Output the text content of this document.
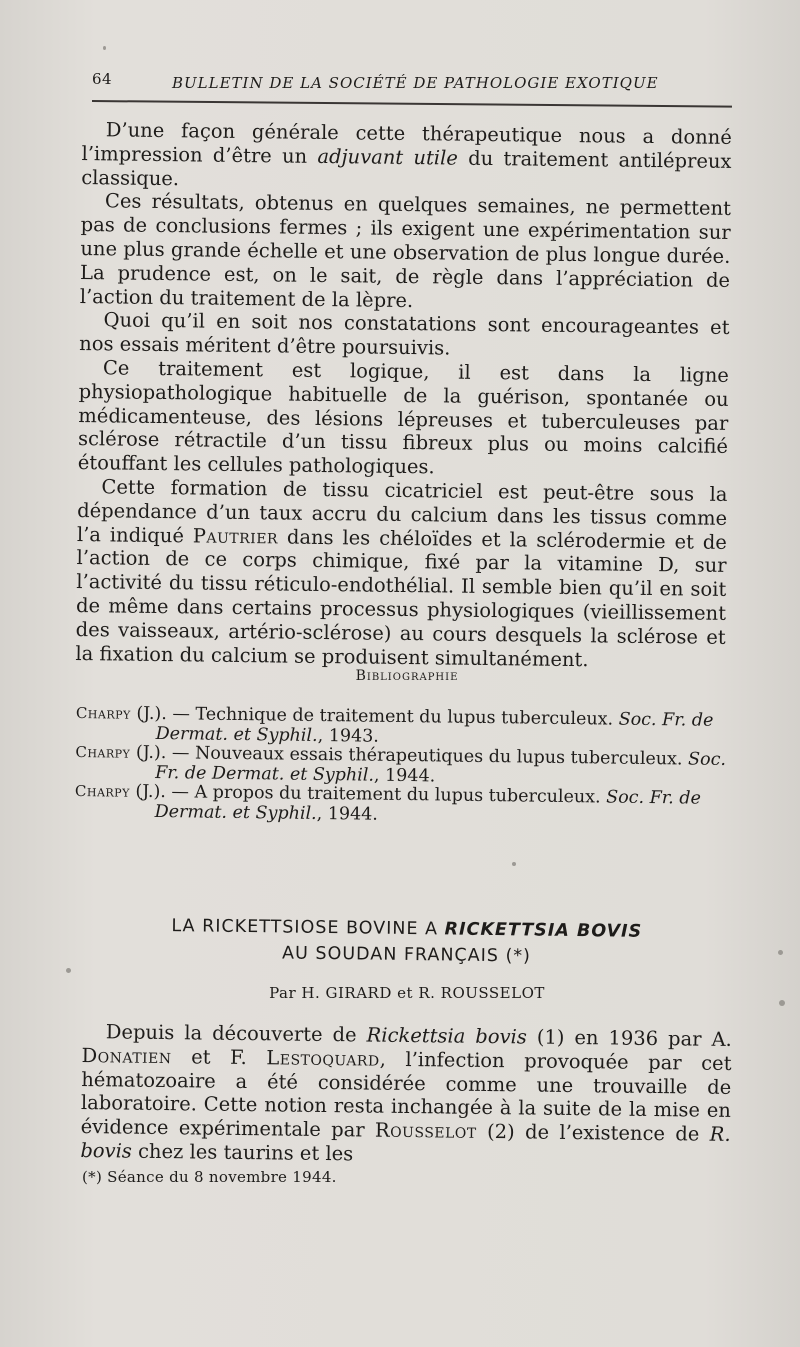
64	BULLETIN DE LA SOCIÉTÉ DE PATHOLOGIE EXOTIQUE

D’une façon générale cette thérapeutique nous a donné l’impression d’être un adjuvant utile du traitement antilépreux classique.

Ces résultats, obtenus en quelques semaines, ne permettent pas de conclusions fermes ; ils exigent une expérimentation sur une plus grande échelle et une observation de plus longue durée. La prudence est, on le sait, de règle dans l’appréciation de l’action du traitement de la lèpre.

Quoi qu’il en soit nos constatations sont encourageantes et nos essais méritent d’être poursuivis.

Ce traitement est logique, il est dans la ligne physiopathologique habituelle de la guérison, spontanée ou médicamenteuse, des lésions lépreuses et tuberculeuses par sclérose rétractile d’un tissu fibreux plus ou moins calcifié étouffant les cellules pathologiques.

Cette formation de tissu cicatriciel est peut-être sous la dépendance d’un taux accru du calcium dans les tissus comme l’a indiqué Pautrier dans les chéloïdes et la sclérodermie et de l’action de ce corps chimique, fixé par la vitamine D, sur l’activité du tissu réticulo-endothélial. Il semble bien qu’il en soit de même dans certains processus physiologiques (vieillissement des vaisseaux, artério-sclérose) au cours desquels la sclérose et la fixation du calcium se produisent simultanément.

Bibliographie

Charpy (J.). — Technique de traitement du lupus tuberculeux. Soc. Fr. de Dermat. et Syphil., 1943.

Charpy (J.). — Nouveaux essais thérapeutiques du lupus tuberculeux. Soc. Fr. de Dermat. et Syphil., 1944.

Charpy (J.). — A propos du traitement du lupus tuberculeux. Soc. Fr. de Dermat. et Syphil., 1944.

LA RICKETTSIOSE BOVINE A RICKETTSIA BOVIS
AU SOUDAN FRANÇAIS (*)
Par H. GIRARD et R. ROUSSELOT

Depuis la découverte de Rickettsia bovis (1) en 1936 par A. Donatien et F. Lestoquard, l’infection provoquée par cet hématozoaire a été considérée comme une trouvaille de laboratoire. Cette notion resta inchangée à la suite de la mise en évidence expérimentale par Rousselot (2) de l’existence de R. bovis chez les taurins et les

(*) Séance du 8 novembre 1944.
